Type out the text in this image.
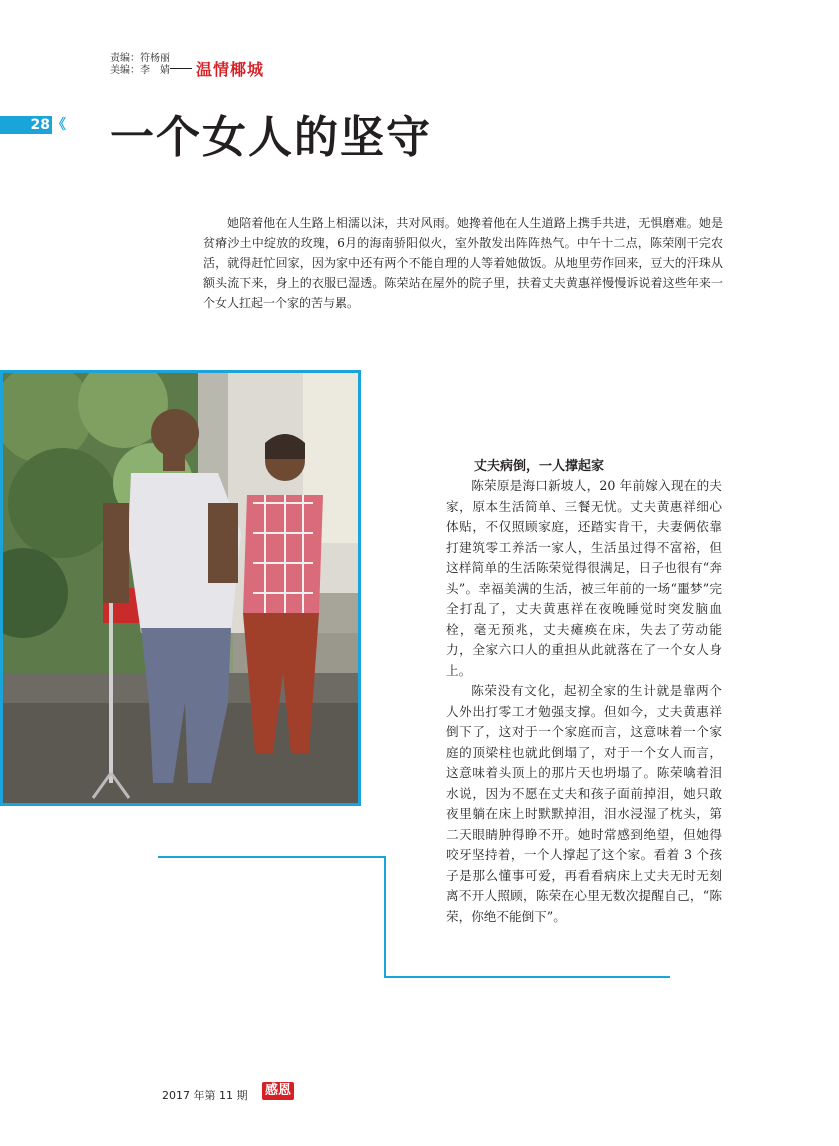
责编：符杨丽
美编：李　婧 温情椰城
28 《 一个女人的坚守
她陪着他在人生路上相濡以沫，共对风雨。她搀着他在人生道路上携手共进，无惧磨难。她是贫瘠沙土中绽放的玫瑰，6月的海南骄阳似火，室外散发出阵阵热气。中午十二点，陈荣刚干完农活，就得赶忙回家，因为家中还有两个不能自理的人等着她做饭。从地里劳作回来，豆大的汗珠从额头流下来，身上的衣服已湿透。陈荣站在屋外的院子里，扶着丈夫黄惠祥慢慢诉说着这些年来一个女人扛起一个家的苦与累。
丈夫病倒，一人撑起家

陈荣原是海口新坡人，20 年前嫁入现在的夫家，原本生活简单、三餐无忧。丈夫黄惠祥细心体贴，不仅照顾家庭，还踏实肯干，夫妻俩依靠打建筑零工养活一家人，生活虽过得不富裕，但这样简单的生活陈荣觉得很满足，日子也很有“奔头”。幸福美满的生活，被三年前的一场“噩梦”完全打乱了，丈夫黄惠祥在夜晚睡觉时突发脑血栓，毫无预兆，丈夫瘫痪在床，失去了劳动能力，全家六口人的重担从此就落在了一个女人身上。

陈荣没有文化，起初全家的生计就是靠两个人外出打零工才勉强支撑。但如今，丈夫黄惠祥倒下了，这对于一个家庭而言，这意味着一个家庭的顶梁柱也就此倒塌了，对于一个女人而言，这意味着头顶上的那片天也坍塌了。陈荣噙着泪水说，因为不愿在丈夫和孩子面前掉泪，她只敢夜里躺在床上时默默掉泪，泪水浸湿了枕头，第二天眼睛肿得睁不开。她时常感到绝望，但她得咬牙坚持着，一个人撑起了这个家。看着 3 个孩子是那么懂事可爱，再看看病床上丈夫无时无刻离不开人照顾，陈荣在心里无数次提醒自己，“陈荣，你绝不能倒下”。

2017 年第 11 期 感恩
